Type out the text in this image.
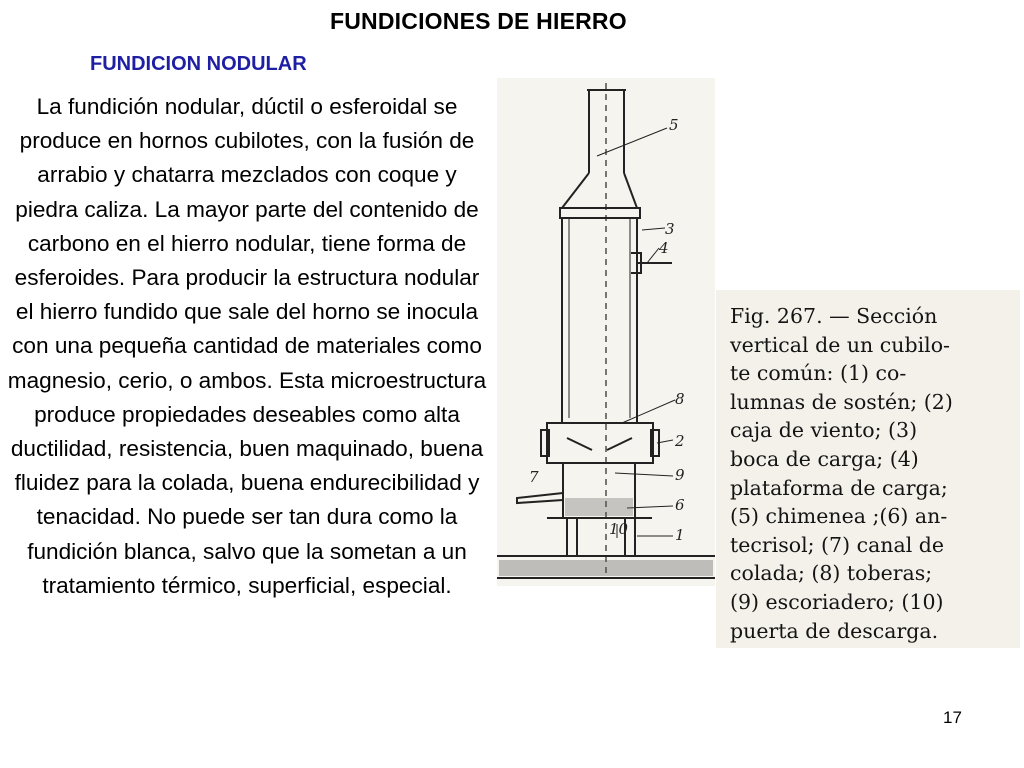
FUNDICIONES DE HIERRO
FUNDICION NODULAR
La fundición nodular, dúctil o esferoidal se produce en hornos cubilotes, con la fusión de arrabio y chatarra mezclados con coque y piedra caliza. La mayor parte del contenido de carbono en el hierro nodular, tiene forma de esferoides. Para producir la estructura nodular el hierro fundido que sale del horno se inocula con una pequeña cantidad de materiales como magnesio, cerio, o ambos. Esta microestructura produce propiedades deseables como alta ductilidad, resistencia, buen maquinado, buena fluidez para la colada, buena endurecibilidad y tenacidad. No puede ser tan dura como la fundición blanca, salvo que la sometan a un tratamiento térmico, superficial, especial.
5
3
4
8
2
7	9
6
10	1
Fig. 267. — Sección
vertical de un cubilo-
te común: (1) co-
lumnas de sostén; (2)
caja de viento; (3)
boca de carga; (4)
plataforma de carga;
(5) chimenea ;(6) an-
tecrisol; (7) canal de
colada; (8) toberas;
(9) escoriadero; (10)
puerta de descarga.
17
